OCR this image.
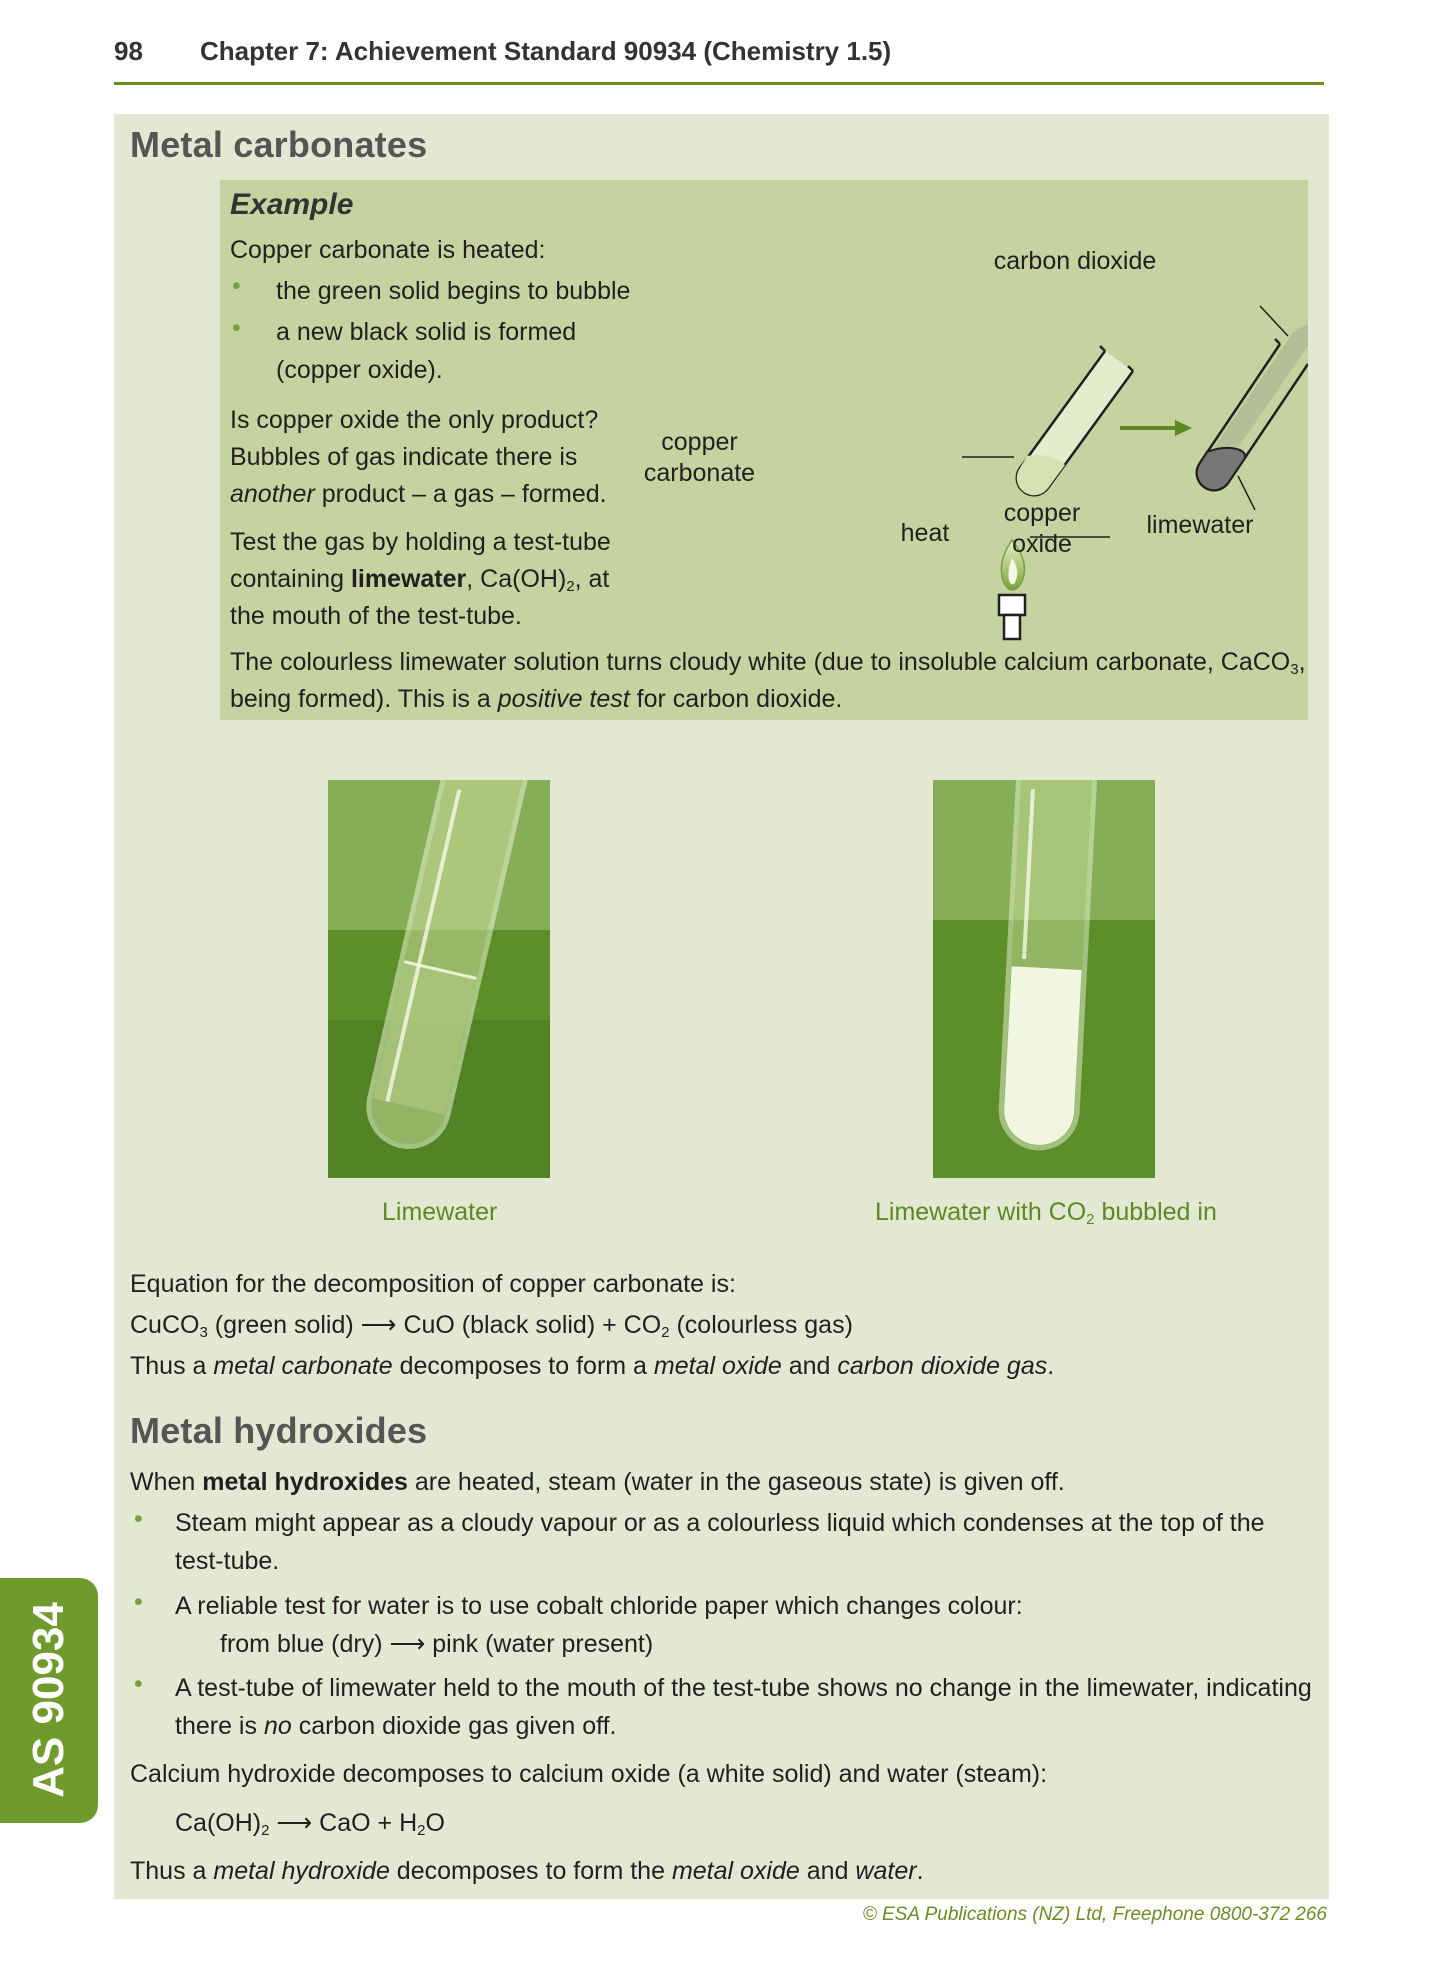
98 Chapter 7: Achievement Standard 90934 (Chemistry 1.5)
Metal carbonates
Example
Copper carbonate is heated:
• the green solid begins to bubble
• a new black solid is formed
(copper oxide).
Is copper oxide the only product?
Bubbles of gas indicate there is
another product – a gas – formed.
Test the gas by holding a test-tube
containing limewater, $Ca(OH)_2$, at
the mouth of the test-tube.
The colourless limewater solution turns cloudy white (due to insoluble calcium carbonate, CaCO$_3$,
being formed). This is a positive test for carbon dioxide.
copper
carbonate
heat
carbon dioxide
copper
oxide
limewater
Limewater	Limewater with $CO_2$ bubbled in
Equation for the decomposition of copper carbonate is:
CuCO$_3$ (green solid) ⟶ CuO (black solid) + $CO_2$ (colourless gas)
Thus a metal carbonate decomposes to form a metal oxide and carbon dioxide gas.
Metal hydroxides
When metal hydroxides are heated, steam (water in the gaseous state) is given off.
• Steam might appear as a cloudy vapour or as a colourless liquid which condenses at the top of the
test-tube.
• A reliable test for water is to use cobalt chloride paper which changes colour:
from blue (dry) ⟶ pink (water present)
• A test-tube of limewater held to the mouth of the test-tube shows no change in the limewater, indicating
there is no carbon dioxide gas given off.
Calcium hydroxide decomposes to calcium oxide (a white solid) and water (steam):
$Ca(OH)_2$ ⟶ CaO + $H_2O$
Thus a metal hydroxide decomposes to form the metal oxide and water.
AS 90934
© ESA Publications (NZ) Ltd, Freephone 0800-372 266
